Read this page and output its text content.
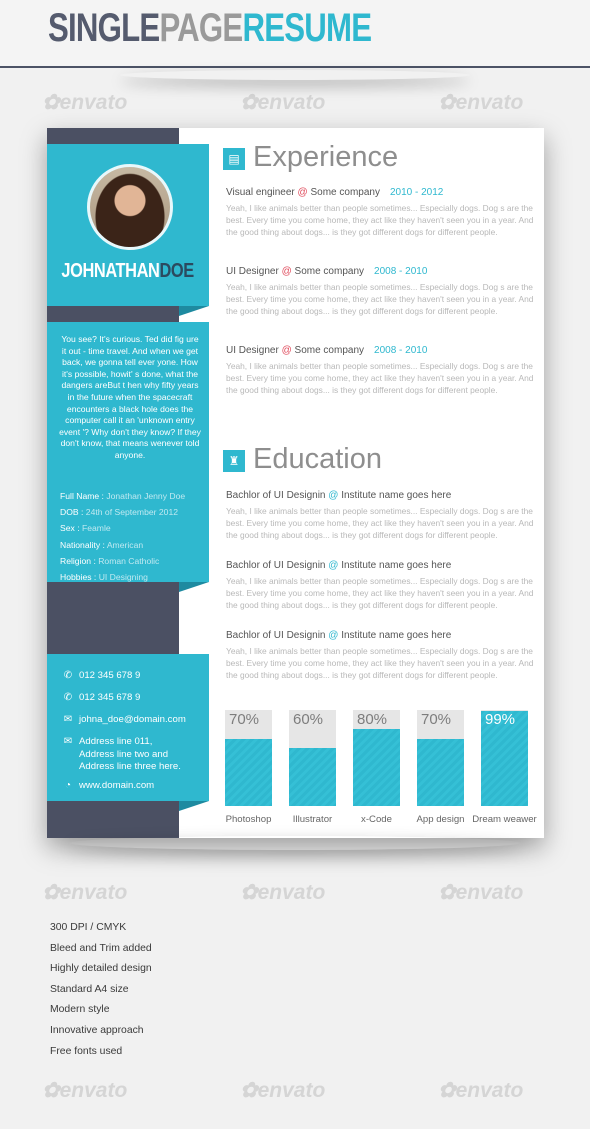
SINGLEPAGERESUME
✿envato	✿envato	✿envato
✿envato	✿envato	✿envato
✿envato	✿envato	✿envato
JOHNATHANDOE
You see? It's curious. Ted did fig ure it out - time travel. And when we get back, we gonna tell ever yone. How it's possible, howit' s done, what the dangers areBut t hen why fifty years in the future when the spacecraft encounters a black hole does the computer call it an 'unknown entry event '? Why don't they know? If they don't know, that means wenever told anyone.
Full Name : Jonathan Jenny Doe
DOB : 24th of September 2012
Sex : Feamle
Nationality : American
Religion : Roman Catholic
Hobbies : UI Designing
✆ 012 345 678 9
✆ 012 345 678 9
✉ johna_doe@domain.com
✉ Address line 011,
Address line two and
Address line three here.
◔ www.domain.com
▤ Experience
Visual engineer @ Some company 2010 - 2012
Yeah, I like animals better than people sometimes... Especially dogs. Dog s are the best. Every time you come home, they act like they haven't seen you in a year. And the good thing about dogs... is they got different dogs for different people.
UI Designer @ Some company 2008 - 2010
Yeah, I like animals better than people sometimes... Especially dogs. Dog s are the best. Every time you come home, they act like they haven't seen you in a year. And the good thing about dogs... is they got different dogs for different people.
UI Designer @ Some company 2008 - 2010
Yeah, I like animals better than people sometimes... Especially dogs. Dog s are the best. Every time you come home, they act like they haven't seen you in a year. And the good thing about dogs... is they got different dogs for different people.
♜ Education
Bachlor of UI Designin @ Institute name goes here
Yeah, I like animals better than people sometimes... Especially dogs. Dog s are the best. Every time you come home, they act like they haven't seen you in a year. And the good thing about dogs... is they got different dogs for different people.
Bachlor of UI Designin @ Institute name goes here
Yeah, I like animals better than people sometimes... Especially dogs. Dog s are the best. Every time you come home, they act like they haven't seen you in a year. And the good thing about dogs... is they got different dogs for different people.
Bachlor of UI Designin @ Institute name goes here
Yeah, I like animals better than people sometimes... Especially dogs. Dog s are the best. Every time you come home, they act like they haven't seen you in a year. And the good thing about dogs... is they got different dogs for different people.
70%
Photoshop
60%
Illustrator
80%
x-Code
70%
App design
99%
Dream weawer
300 DPI / CMYK
Bleed and Trim added
Highly detailed design
Standard A4 size
Modern style
Innovative approach
Free fonts used
